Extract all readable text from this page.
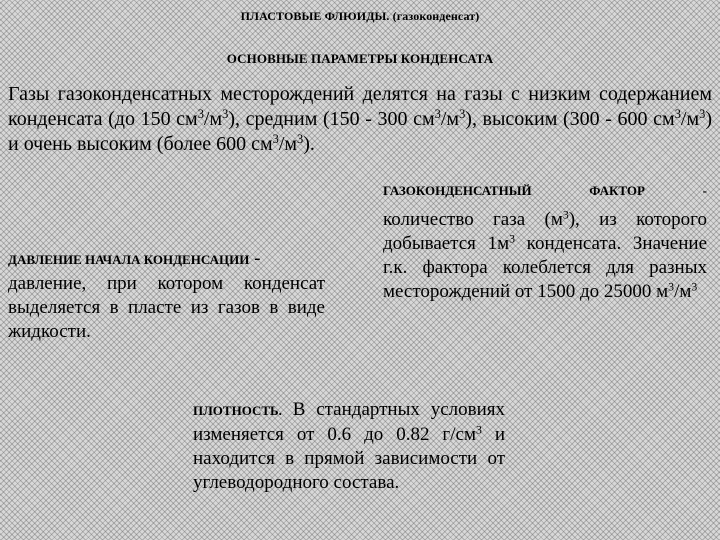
ПЛАСТОВЫЕ ФЛЮИДЫ. (газоконденсат)
ОСНОВНЫЕ ПАРАМЕТРЫ КОНДЕНСАТА
Газы газоконденсатных месторождений делятся на газы с низким содержанием конденсата (до 150 $см^3/м^3$), средним (150 - 300 $см^3/м^3$), высоким (300 - 600 $см^3/м^3$) и очень высоким (более 600 $см^3/м^3$).
ДАВЛЕНИЕ НАЧАЛА КОНДЕНСАЦИИ -
давление, при котором конденсат выделяется в пласте из газов в виде жидкости.
ГАЗОКОНДЕНСАТНЫЙ	ФАКТОР	-
количество газа $(м^3)$, из которого добывается $1м^3$ конденсата. Значение г.к. фактора колеблется для разных месторождений от 1500 до 25000 $м^3/м^3$
ПЛОТНОСТЬ. В стандартных условиях изменяется от 0.6 до 0.82 $г/см^3$ и находится в прямой зависимости от углеводородного состава.
